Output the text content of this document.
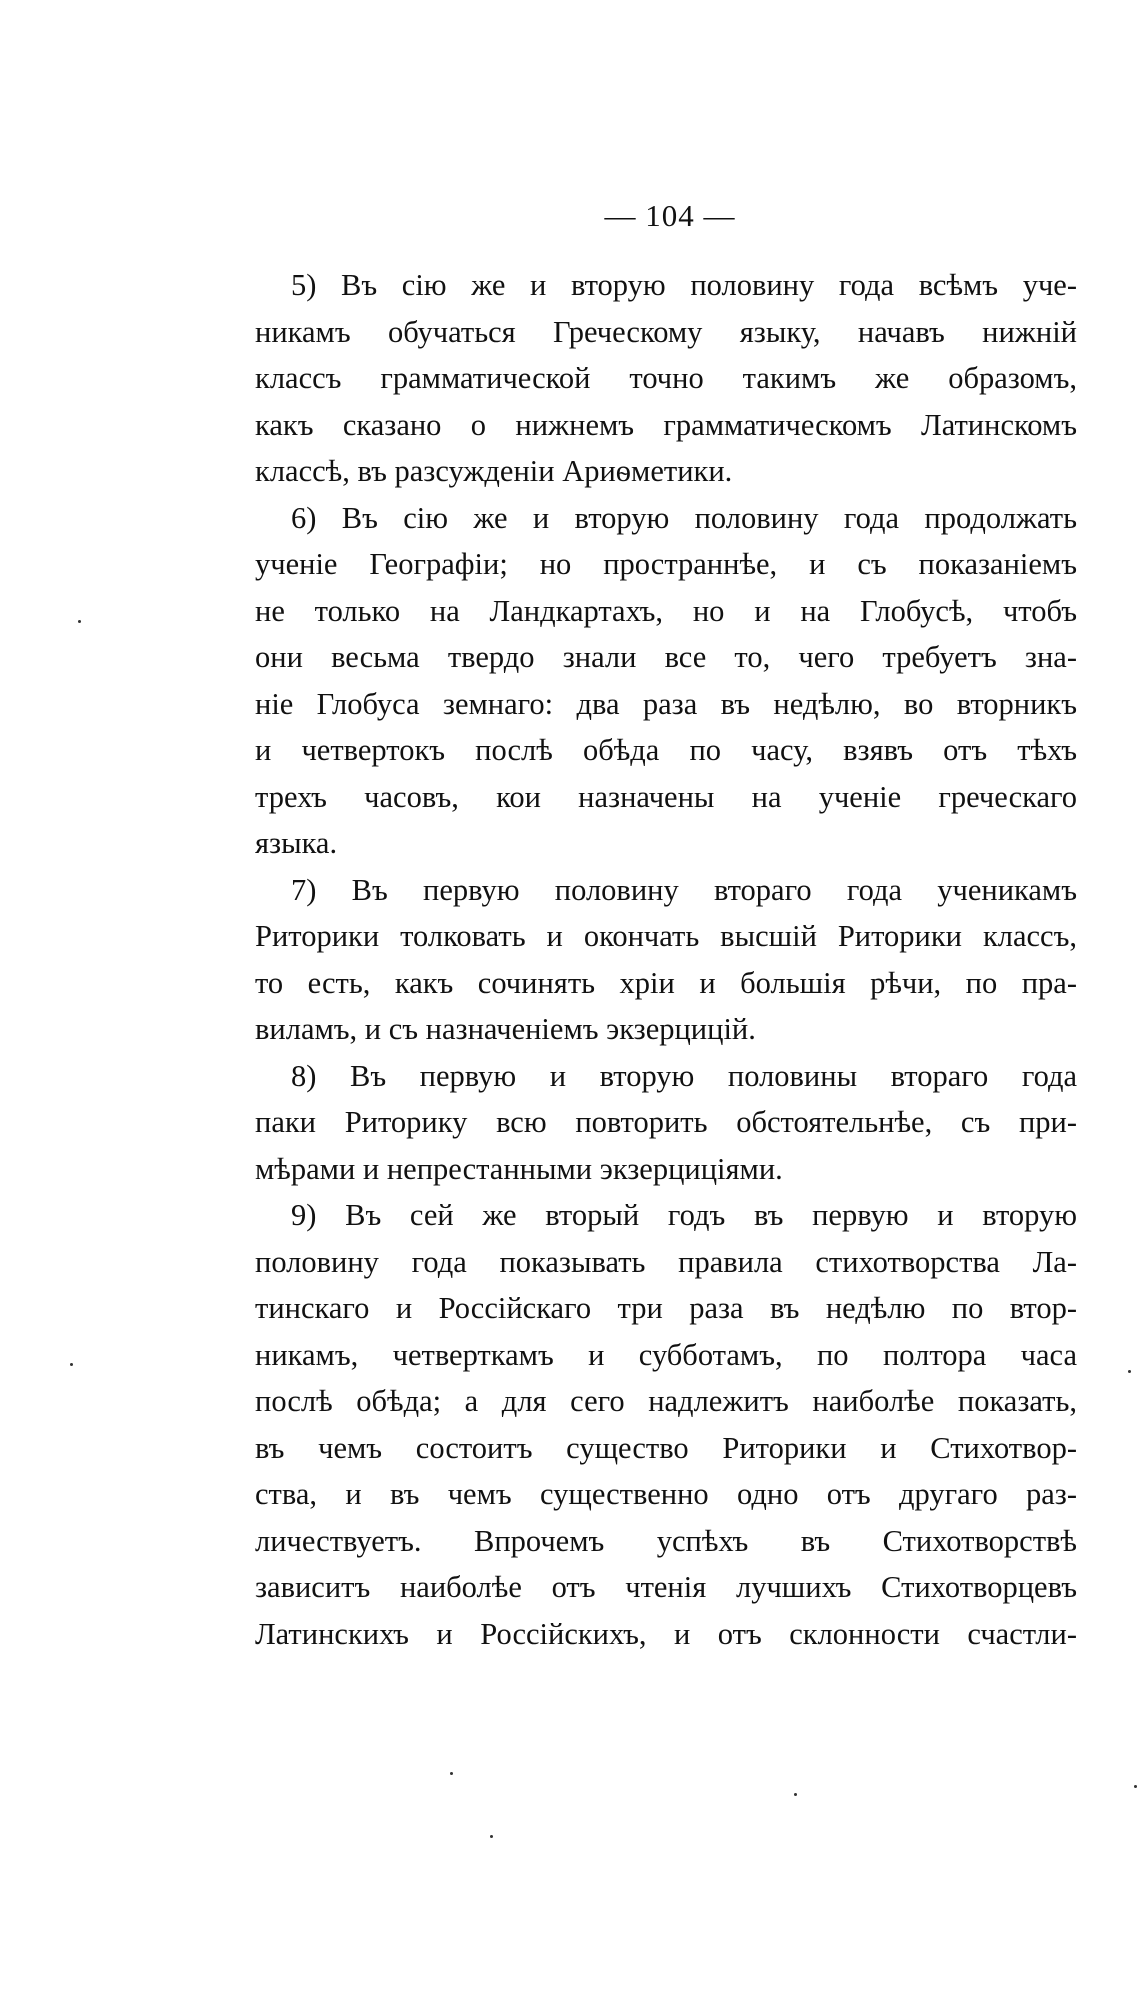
— 104 —

5) Въ сію же и вторую половину года всѣмъ уче-
никамъ обучаться Греческому языку, начавъ нижній
классъ грамматической точно такимъ же образомъ,
какъ сказано о нижнемъ грамматическомъ Латинскомъ
классѣ, въ разсужденіи Ариѳметики.

6) Въ сію же и вторую половину года продолжать
ученіе Географіи; но пространнѣе, и съ показаніемъ
не только на Ландкартахъ, но и на Глобусѣ, чтобъ
они весьма твердо знали все то, чего требуетъ зна-
ніе Глобуса земнаго: два раза въ недѣлю, во вторникъ
и четвертокъ послѣ обѣда по часу, взявъ отъ тѣхъ
трехъ часовъ, кои назначены на ученіе греческаго
языка.

7) Въ первую половину втораго года ученикамъ
Риторики толковать и окончать высшій Риторики классъ,
то есть, какъ сочинять хріи и большія рѣчи, по пра-
виламъ, и съ назначеніемъ экзерцицій.

8) Въ первую и вторую половины втораго года
паки Риторику всю повторить обстоятельнѣе, съ при-
мѣрами и непрестанными экзерциціями.

9) Въ сей же вторый годъ въ первую и вторую
половину года показывать правила стихотворства Ла-
тинскаго и Россійскаго три раза въ недѣлю по втор-
никамъ, четверткамъ и субботамъ, по полтора часа
послѣ обѣда; а для сего надлежитъ наиболѣе показать,
въ чемъ состоитъ существо Риторики и Стихотвор-
ства, и въ чемъ существенно одно отъ другаго раз-
личествуетъ. Впрочемъ успѣхъ въ Стихотворствѣ
зависитъ наиболѣе отъ чтенія лучшихъ Стихотворцевъ
Латинскихъ и Россійскихъ, и отъ склонности счастли-
